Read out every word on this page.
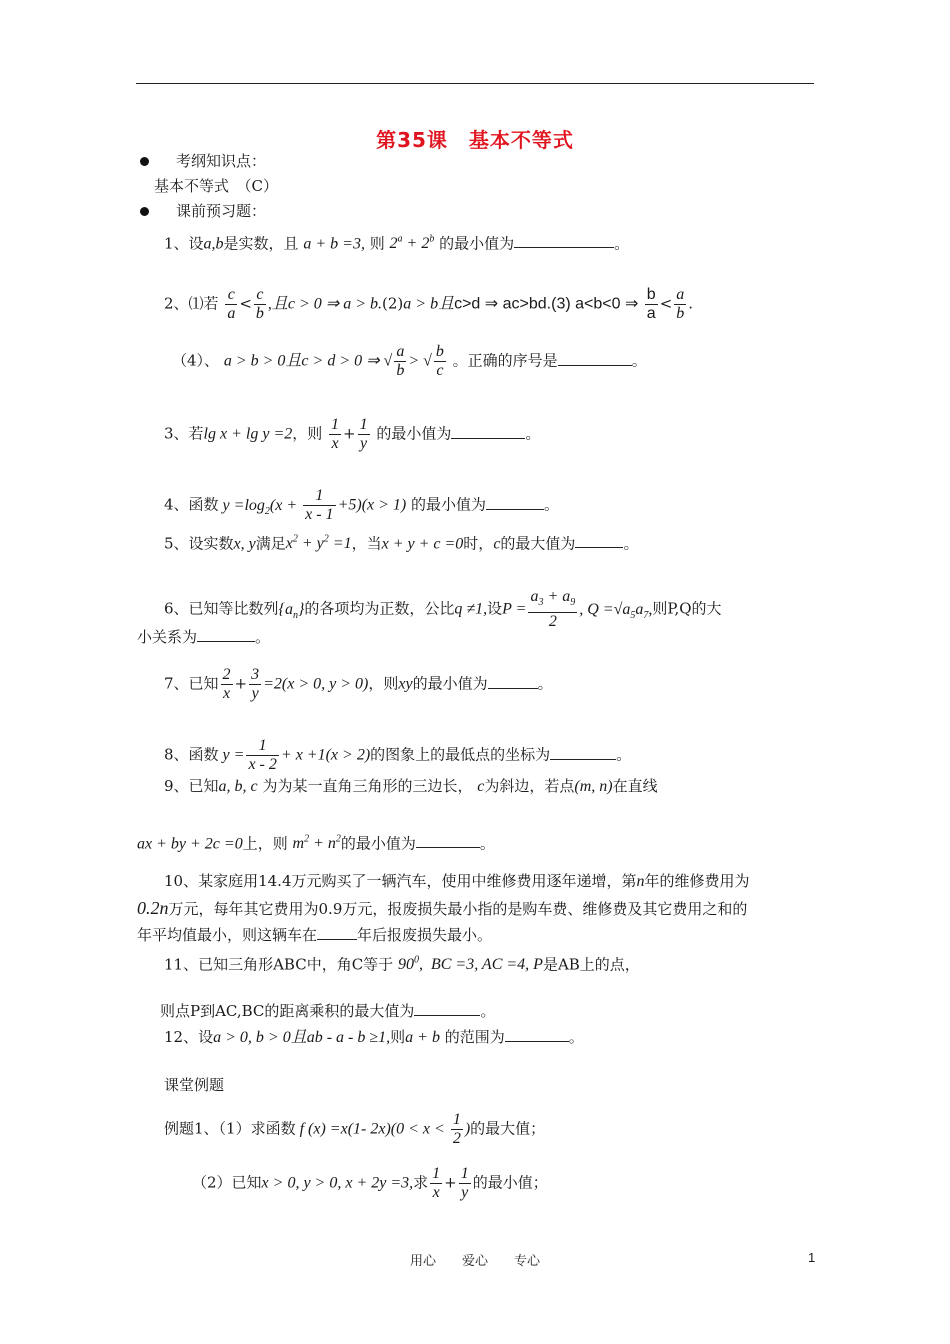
第35课　基本不等式
考纲知识点：
基本不等式　（C）
课前预习题：
1、设a,b是实数，且 a + b =3, 则 $2^a + 2^b$ 的最小值为	。
2、⑴若 $\frac{c}{a} < \frac{c}{b}$ ,且c > 0 ⇒ a > b.(2)a > b且c>d ⇒ ac>bd.(3) a<b<0 ⇒ $\frac{b}{a} < \frac{a}{b}$ .
（4）、 a > b > 0且c > d > 0 ⇒ √ $\frac{a}{b}$ > √ $\frac{b}{c}$ 。正确的序号是	。
3、若lg x + lg y =2，则 $\frac{1}{x} + \frac{1}{y}$ 的最小值为	。
4、函数 $y =\log_2(x + \frac{1}{x - 1} +5)(x > 1)$ 的最小值为	。
5、设实数x, y满足$x^2 + y^2 =1$，当x + y + c =0时，c的最大值为	。
6、已知等比数列$\{a_n\}$的各项均为正数，公比q ≠1,设$P = \frac{a_3 + a_9}{2}$ , $Q =√a_5a_7$,则P,Q的大
小关系为	。
7、已知 $\frac{2}{x} + \frac{3}{y} =2(x > 0$, y > 0)，则xy的最小值为	。
8、函数 $y = \frac{1}{x - 2} + x +1(x > 2)$的图象上的最低点的坐标为	。
9、已知a, b, c 为为某一直角三角形的三边长， c为斜边，若点(m, n)在直线
ax + by + 2c =0上，则 $m^2 + n^2$的最小值为	。
10、某家庭用14.4万元购买了一辆汽车，使用中维修费用逐年递增，第n年的维修费用为
0.2n万元，每年其它费用为0.9万元，报废损失最小指的是购车费、维修费及其它费用之和的
年平均值最小，则这辆车在	年后报废损失最小。
11、已知三角形ABC中，角C等于 $90^0$,  BC =3, AC =4, P是AB上的点，
则点P到AC,BC的距离乘积的最大值为	。
12、设a > 0, b > 0且ab - a - b ≥1,则a + b 的范围为	。
课堂例题
例题1、（1）求函数 f (x) =x(1- $2x)(0 < x < \frac{1}{2}$ )的最大值；
（2）已知x > 0, y > 0, x + 2y =3,求 $\frac{1}{x} + \frac{1}{y}$ 的最小值；
用心　　爱心　　专心	1
